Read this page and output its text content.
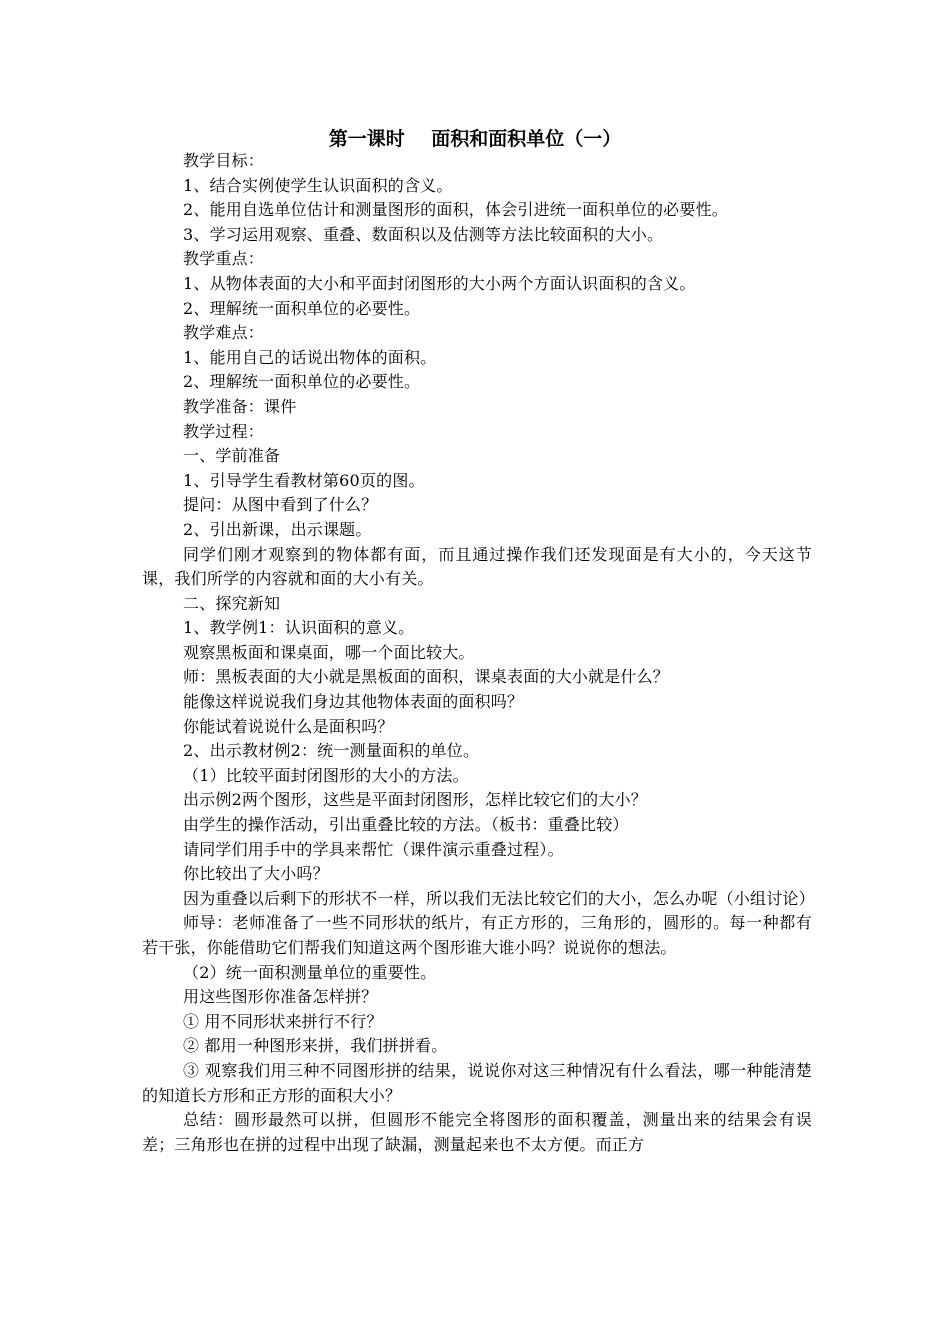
第一课时    面积和面积单位（一）

教学目标：

1、结合实例使学生认识面积的含义。

2、能用自选单位估计和测量图形的面积，体会引进统一面积单位的必要性。

3、学习运用观察、重叠、数面积以及估测等方法比较面积的大小。

教学重点：

1、从物体表面的大小和平面封闭图形的大小两个方面认识面积的含义。

2、理解统一面积单位的必要性。

教学难点：

1、能用自己的话说出物体的面积。

2、理解统一面积单位的必要性。

教学准备：课件

教学过程：

一、学前准备

1、引导学生看教材第60页的图。

提问：从图中看到了什么？

2、引出新课，出示课题。

同学们刚才观察到的物体都有面，而且通过操作我们还发现面是有大小的，今天这节课，我们所学的内容就和面的大小有关。

二、探究新知

1、教学例1：认识面积的意义。

观察黑板面和课桌面，哪一个面比较大。

师：黑板表面的大小就是黑板面的面积，课桌表面的大小就是什么？

能像这样说说我们身边其他物体表面的面积吗？

你能试着说说什么是面积吗？

2、出示教材例2：统一测量面积的单位。

（1）比较平面封闭图形的大小的方法。

出示例2两个图形，这些是平面封闭图形，怎样比较它们的大小？

由学生的操作活动，引出重叠比较的方法。（板书：重叠比较）

请同学们用手中的学具来帮忙（课件演示重叠过程）。

你比较出了大小吗？

因为重叠以后剩下的形状不一样，所以我们无法比较它们的大小，怎么办呢（小组讨论）

师导：老师准备了一些不同形状的纸片，有正方形的，三角形的，圆形的。每一种都有若干张，你能借助它们帮我们知道这两个图形谁大谁小吗？说说你的想法。

（2）统一面积测量单位的重要性。

用这些图形你准备怎样拼？

① 用不同形状来拼行不行？

② 都用一种图形来拼，我们拼拼看。

③ 观察我们用三种不同图形拼的结果，说说你对这三种情况有什么看法，哪一种能清楚的知道长方形和正方形的面积大小？

总结：圆形最然可以拼，但圆形不能完全将图形的面积覆盖，测量出来的结果会有误差；三角形也在拼的过程中出现了缺漏，测量起来也不太方便。而正方
